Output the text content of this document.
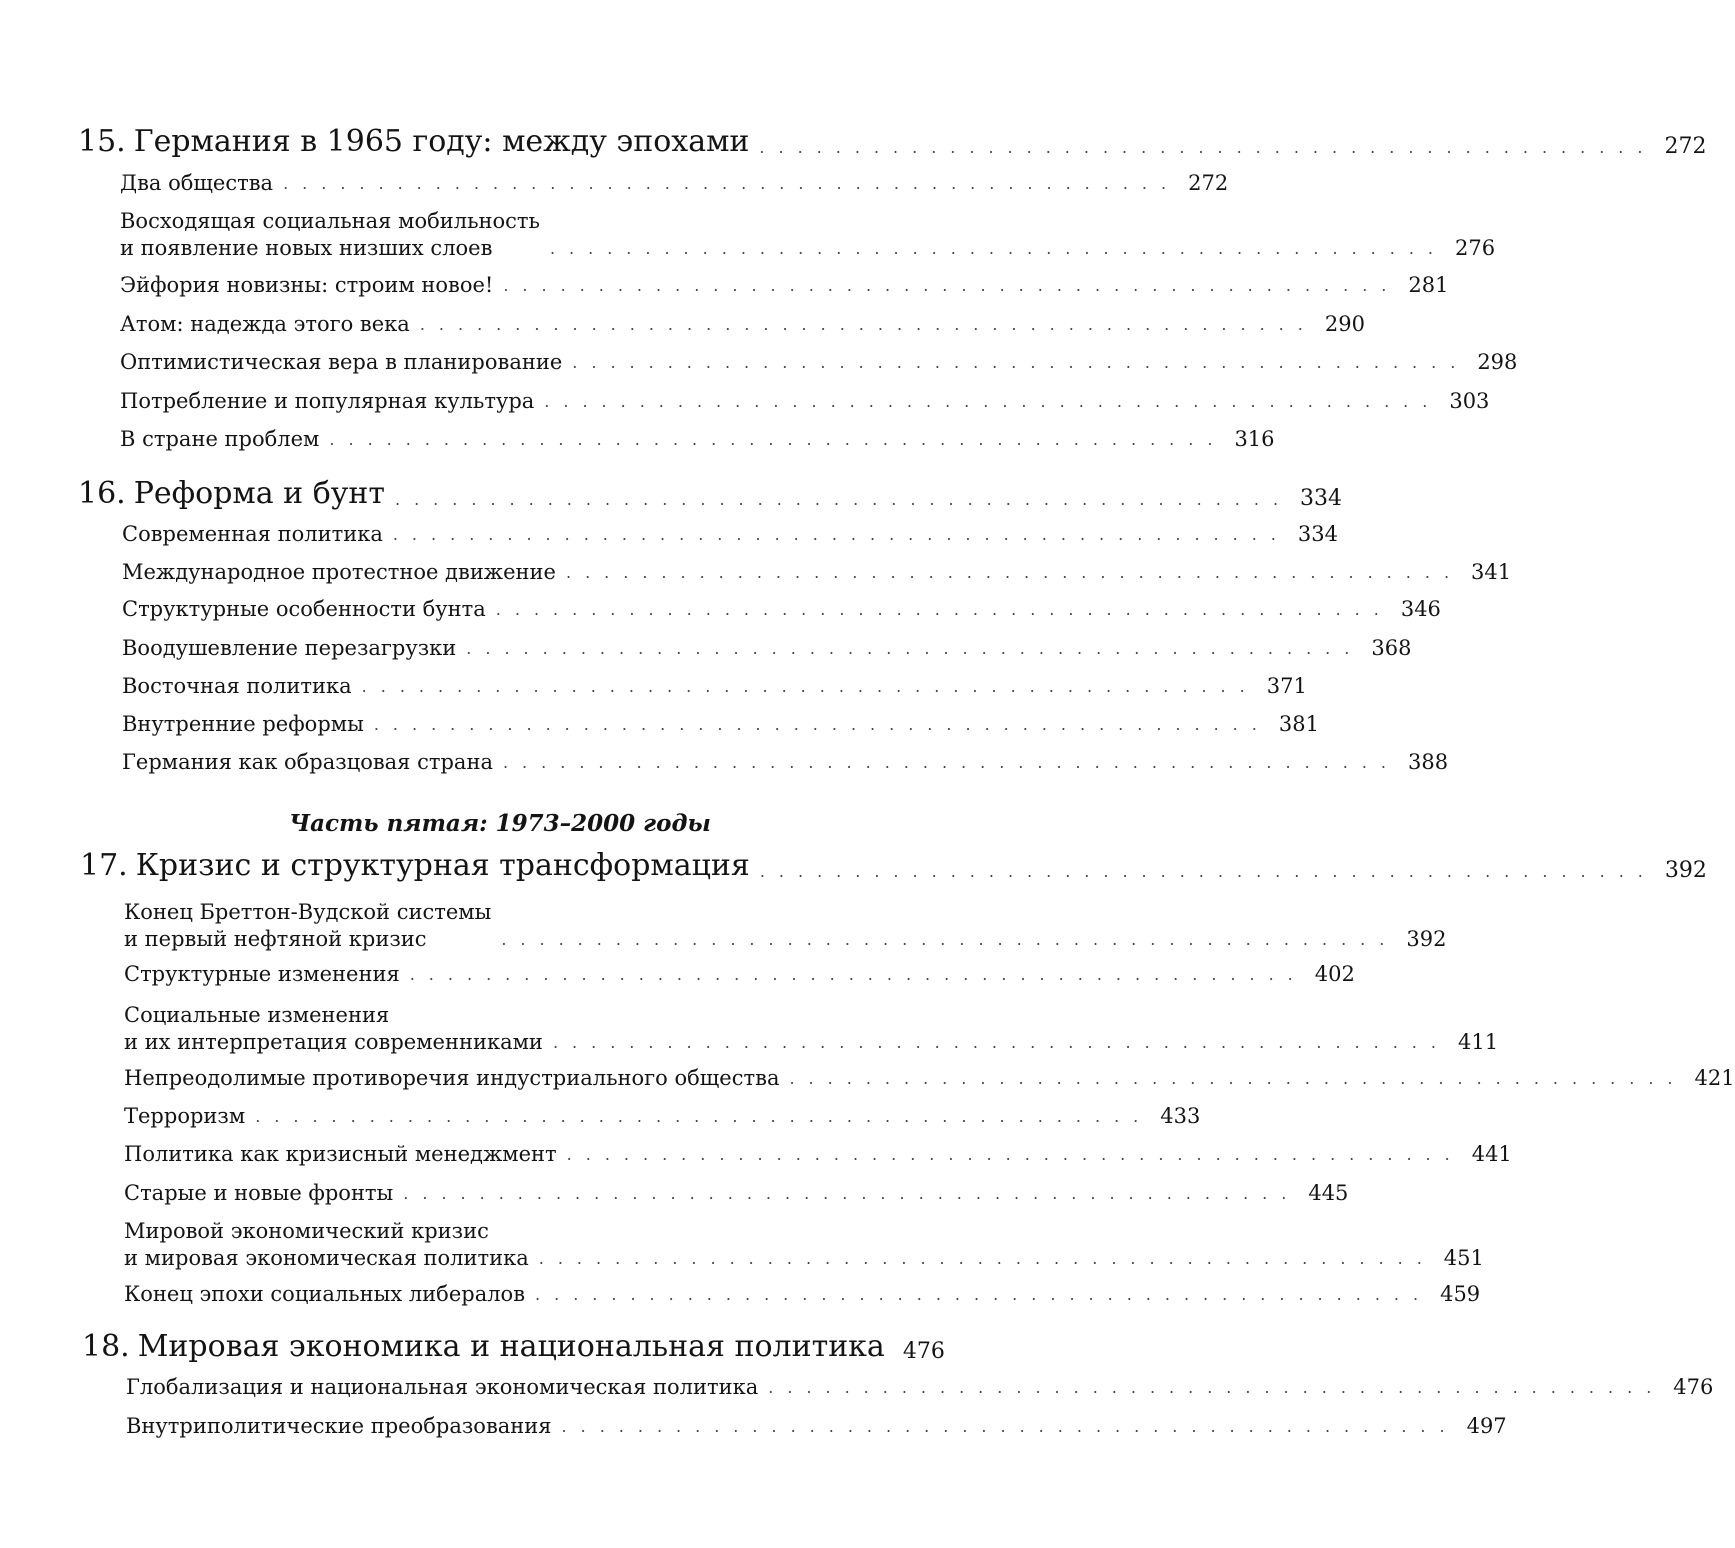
15. Германия в 1965 году: между эпохами ............................................... 272
Два общества ............................................... 272
Восходящая социальная мобильность
и появление новых низших слоев	............................................... 276
Эйфория новизны: строим новое! ............................................... 281
Атом: надежда этого века ............................................... 290
Оптимистическая вера в планирование ............................................... 298
Потребление и популярная культура ............................................... 303
В стране проблем ............................................... 316
16. Реформа и бунт ............................................... 334
Современная политика ............................................... 334
Международное протестное движение ............................................... 341
Структурные особенности бунта ............................................... 346
Воодушевление перезагрузки ............................................... 368
Восточная политика ............................................... 371
Внутренние реформы ............................................... 381
Германия как образцовая страна ............................................... 388
Часть пятая: 1973–2000 годы
17. Кризис и структурная трансформация ............................................... 392
Конец Бреттон-Вудской системы
и первый нефтяной кризис	............................................... 392
Структурные изменения ............................................... 402
Социальные изменения
и их интерпретация современниками ............................................... 411
Непреодолимые противоречия индустриального общества ............................................... 421
Терроризм ............................................... 433
Политика как кризисный менеджмент ............................................... 441
Старые и новые фронты ............................................... 445
Мировой экономический кризис
и мировая экономическая политика ............................................... 451
Конец эпохи социальных либералов ............................................... 459
18. Мировая экономика и национальная политика 476
Глобализация и национальная экономическая политика ............................................... 476
Внутриполитические преобразования ............................................... 497
